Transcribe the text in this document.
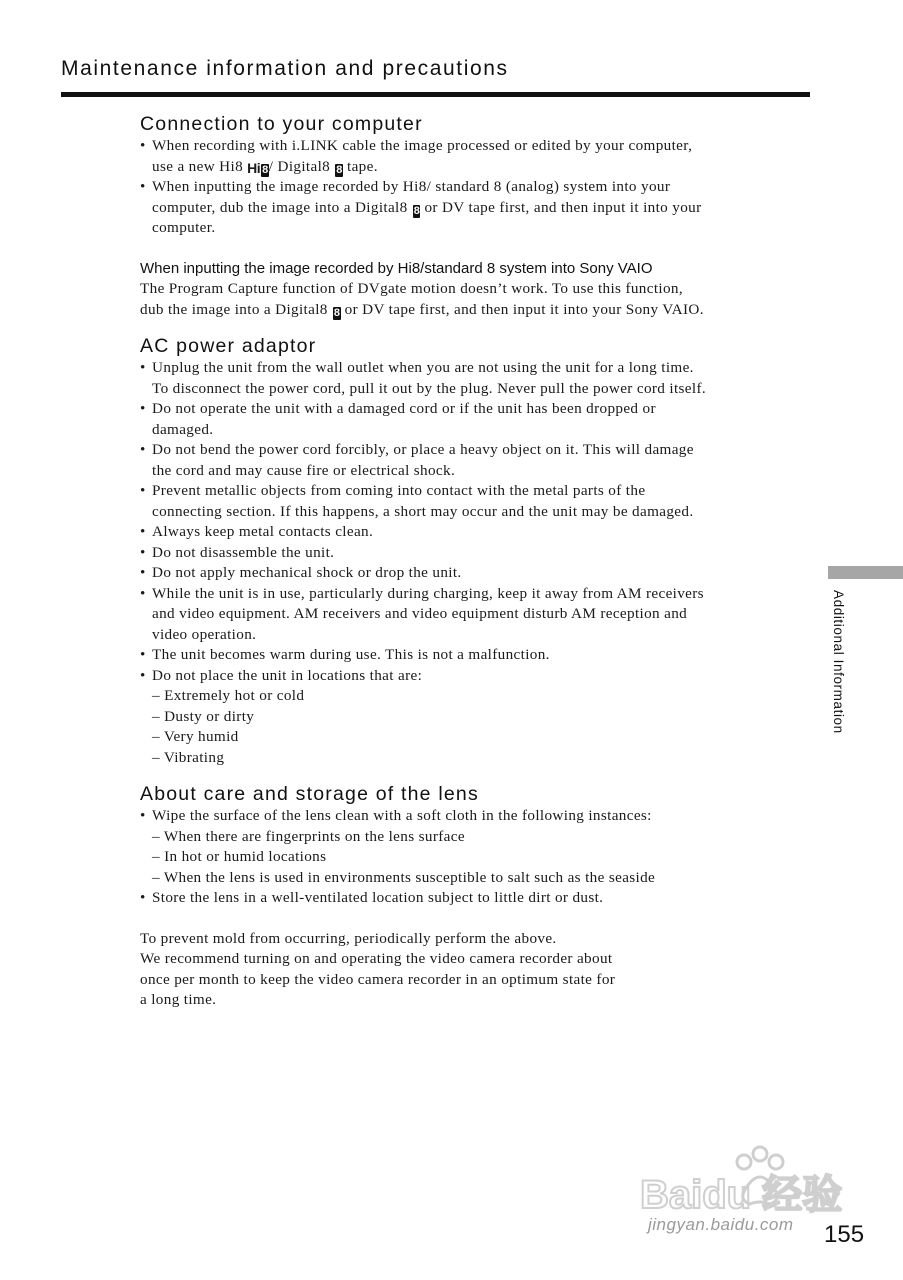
Maintenance information and precautions
Connection to your computer
• When recording with i.LINK cable the image processed or edited by your computer,
use a new Hi8 Hi 8/ Digital8 8 tape.
• When inputting the image recorded by Hi8/ standard 8 (analog) system into your
computer, dub the image into a Digital8 8 or DV tape first, and then input it into your
computer.
When inputting the image recorded by Hi8/standard 8 system into Sony VAIO

The Program Capture function of DVgate motion doesn’t work. To use this function,
dub the image into a Digital8 8 or DV tape first, and then input it into your Sony VAIO.

AC power adaptor
• Unplug the unit from the wall outlet when you are not using the unit for a long time.
To disconnect the power cord, pull it out by the plug. Never pull the power cord itself.
• Do not operate the unit with a damaged cord or if the unit has been dropped or
damaged.
• Do not bend the power cord forcibly, or place a heavy object on it. This will damage
the cord and may cause fire or electrical shock.
• Prevent metallic objects from coming into contact with the metal parts of the
connecting section. If this happens, a short may occur and the unit may be damaged.
• Always keep metal contacts clean.
• Do not disassemble the unit.
• Do not apply mechanical shock or drop the unit.
• While the unit is in use, particularly during charging, keep it away from AM receivers
and video equipment. AM receivers and video equipment disturb AM reception and
video operation.
• The unit becomes warm during use. This is not a malfunction.
• Do not place the unit in locations that are:
– Extremely hot or cold
– Dusty or dirty
– Very humid
– Vibrating
About care and storage of the lens
• Wipe the surface of the lens clean with a soft cloth in the following instances:
– When there are fingerprints on the lens surface
– In hot or humid locations
– When the lens is used in environments susceptible to salt such as the seaside
• Store the lens in a well-ventilated location subject to little dirt or dust.
To prevent mold from occurring, periodically perform the above.
We recommend turning on and operating the video camera recorder about
once per month to keep the video camera recorder in an optimum state for
a long time.
Additional Information
Baidu 经验
jingyan.baidu.com 155
